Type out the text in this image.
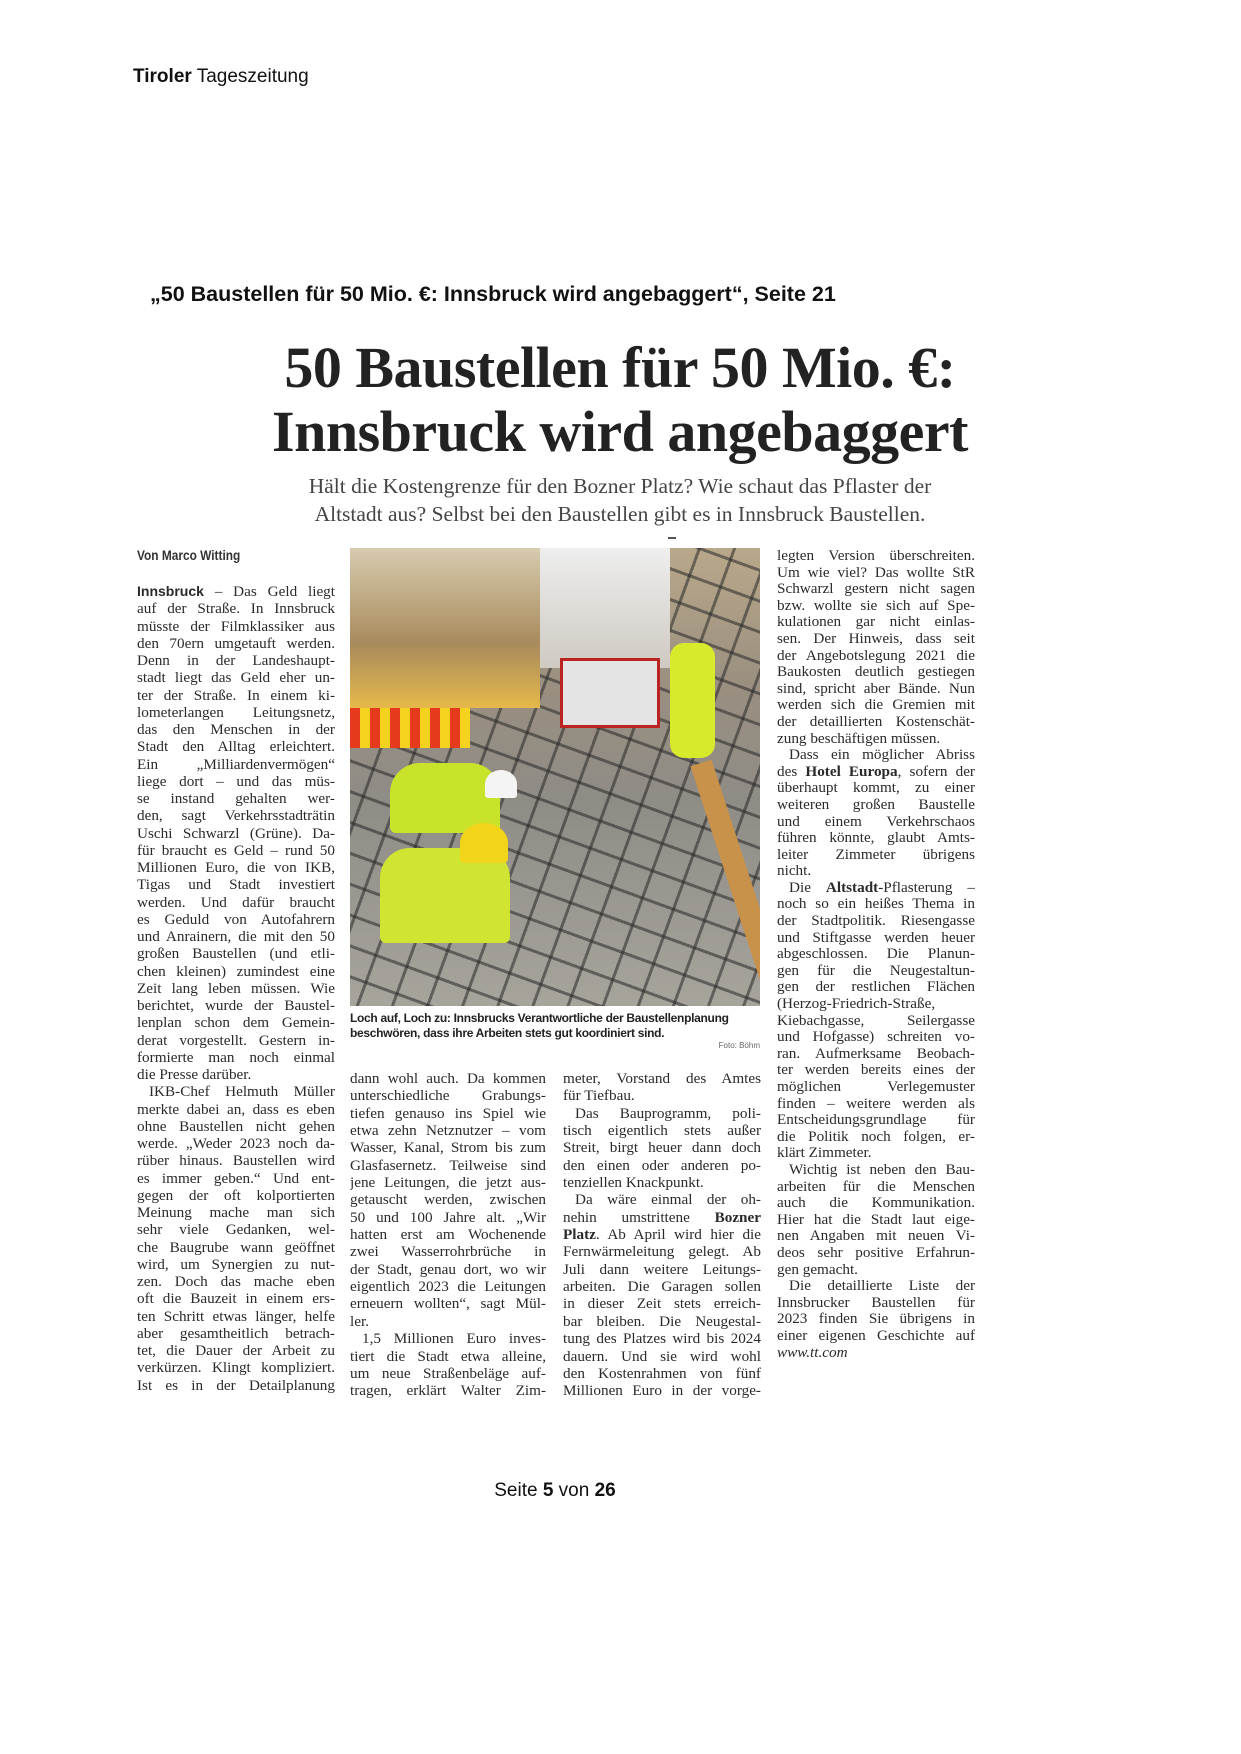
Tiroler Tageszeitung
„50 Baustellen für 50 Mio. €: Innsbruck wird angebaggert“, Seite 21
50 Baustellen für 50 Mio. €:
Innsbruck wird angebaggert
Hält die Kostengrenze für den Bozner Platz? Wie schaut das Pflaster der
Altstadt aus? Selbst bei den Baustellen gibt es in Innsbruck Baustellen.
Von Marco Witting
Innsbruck – Das Geld liegt
auf der Straße. In Innsbruck
müsste der Filmklassiker aus
den 70ern umgetauft werden.
Denn in der Landeshaupt-
stadt liegt das Geld eher un-
ter der Straße. In einem ki-
lometerlangen Leitungsnetz,
das den Menschen in der
Stadt den Alltag erleichtert.
Ein „Milliardenvermögen“
liege dort – und das müs-
se instand gehalten wer-
den, sagt Verkehrsstadträtin
Uschi Schwarzl (Grüne). Da-
für braucht es Geld – rund 50
Millionen Euro, die von IKB,
Tigas und Stadt investiert
werden. Und dafür braucht
es Geduld von Autofahrern
und Anrainern, die mit den 50
großen Baustellen (und etli-
chen kleinen) zumindest eine
Zeit lang leben müssen. Wie
berichtet, wurde der Baustel-
lenplan schon dem Gemein-
derat vorgestellt. Gestern in-
formierte man noch einmal
die Presse darüber.
IKB-Chef Helmuth Müller
merkte dabei an, dass es eben
ohne Baustellen nicht gehen
werde. „Weder 2023 noch da-
rüber hinaus. Baustellen wird
es immer geben.“ Und ent-
gegen der oft kolportierten
Meinung mache man sich
sehr viele Gedanken, wel-
che Baugrube wann geöffnet
wird, um Synergien zu nut-
zen. Doch das mache eben
oft die Bauzeit in einem ers-
ten Schritt etwas länger, helfe
aber gesamtheitlich betrach-
tet, die Dauer der Arbeit zu
verkürzen. Klingt kompliziert.
Ist es in der Detailplanung
Loch auf, Loch zu: Innsbrucks Verantwortliche der Baustellenplanung beschwören, dass ihre Arbeiten stets gut koordiniert sind.
Foto: Böhm
dann wohl auch. Da kommen
unterschiedliche Grabungs-
tiefen genauso ins Spiel wie
etwa zehn Netznutzer – vom
Wasser, Kanal, Strom bis zum
Glasfasernetz. Teilweise sind
jene Leitungen, die jetzt aus-
getauscht werden, zwischen
50 und 100 Jahre alt. „Wir
hatten erst am Wochenende
zwei Wasserrohrbrüche in
der Stadt, genau dort, wo wir
eigentlich 2023 die Leitungen
erneuern wollten“, sagt Mül-
ler.
1,5 Millionen Euro inves-
tiert die Stadt etwa alleine,
um neue Straßenbeläge auf-
tragen, erklärt Walter Zim-
meter, Vorstand des Amtes
für Tiefbau.
Das Bauprogramm, poli-
tisch eigentlich stets außer
Streit, birgt heuer dann doch
den einen oder anderen po-
tenziellen Knackpunkt.
Da wäre einmal der oh-
nehin umstrittene Bozner
Platz. Ab April wird hier die
Fernwärmeleitung gelegt. Ab
Juli dann weitere Leitungs-
arbeiten. Die Garagen sollen
in dieser Zeit stets erreich-
bar bleiben. Die Neugestal-
tung des Platzes wird bis 2024
dauern. Und sie wird wohl
den Kostenrahmen von fünf
Millionen Euro in der vorge-
legten Version überschreiten.
Um wie viel? Das wollte StR
Schwarzl gestern nicht sagen
bzw. wollte sie sich auf Spe-
kulationen gar nicht einlas-
sen. Der Hinweis, dass seit
der Angebotslegung 2021 die
Baukosten deutlich gestiegen
sind, spricht aber Bände. Nun
werden sich die Gremien mit
der detaillierten Kostenschät-
zung beschäftigen müssen.
Dass ein möglicher Abriss
des Hotel Europa, sofern der
überhaupt kommt, zu einer
weiteren großen Baustelle
und einem Verkehrschaos
führen könnte, glaubt Amts-
leiter Zimmeter übrigens
nicht.
Die Altstadt-Pflasterung –
noch so ein heißes Thema in
der Stadtpolitik. Riesengasse
und Stiftgasse werden heuer
abgeschlossen. Die Planun-
gen für die Neugestaltun-
gen der restlichen Flächen
(Herzog-Friedrich-Straße,
Kiebachgasse, Seilergasse
und Hofgasse) schreiten vo-
ran. Aufmerksame Beobach-
ter werden bereits eines der
möglichen Verlegemuster
finden – weitere werden als
Entscheidungsgrundlage für
die Politik noch folgen, er-
klärt Zimmeter.
Wichtig ist neben den Bau-
arbeiten für die Menschen
auch die Kommunikation.
Hier hat die Stadt laut eige-
nen Angaben mit neuen Vi-
deos sehr positive Erfahrun-
gen gemacht.
Die detaillierte Liste der
Innsbrucker Baustellen für
2023 finden Sie übrigens in
einer eigenen Geschichte auf
www.tt.com
Seite 5 von 26
